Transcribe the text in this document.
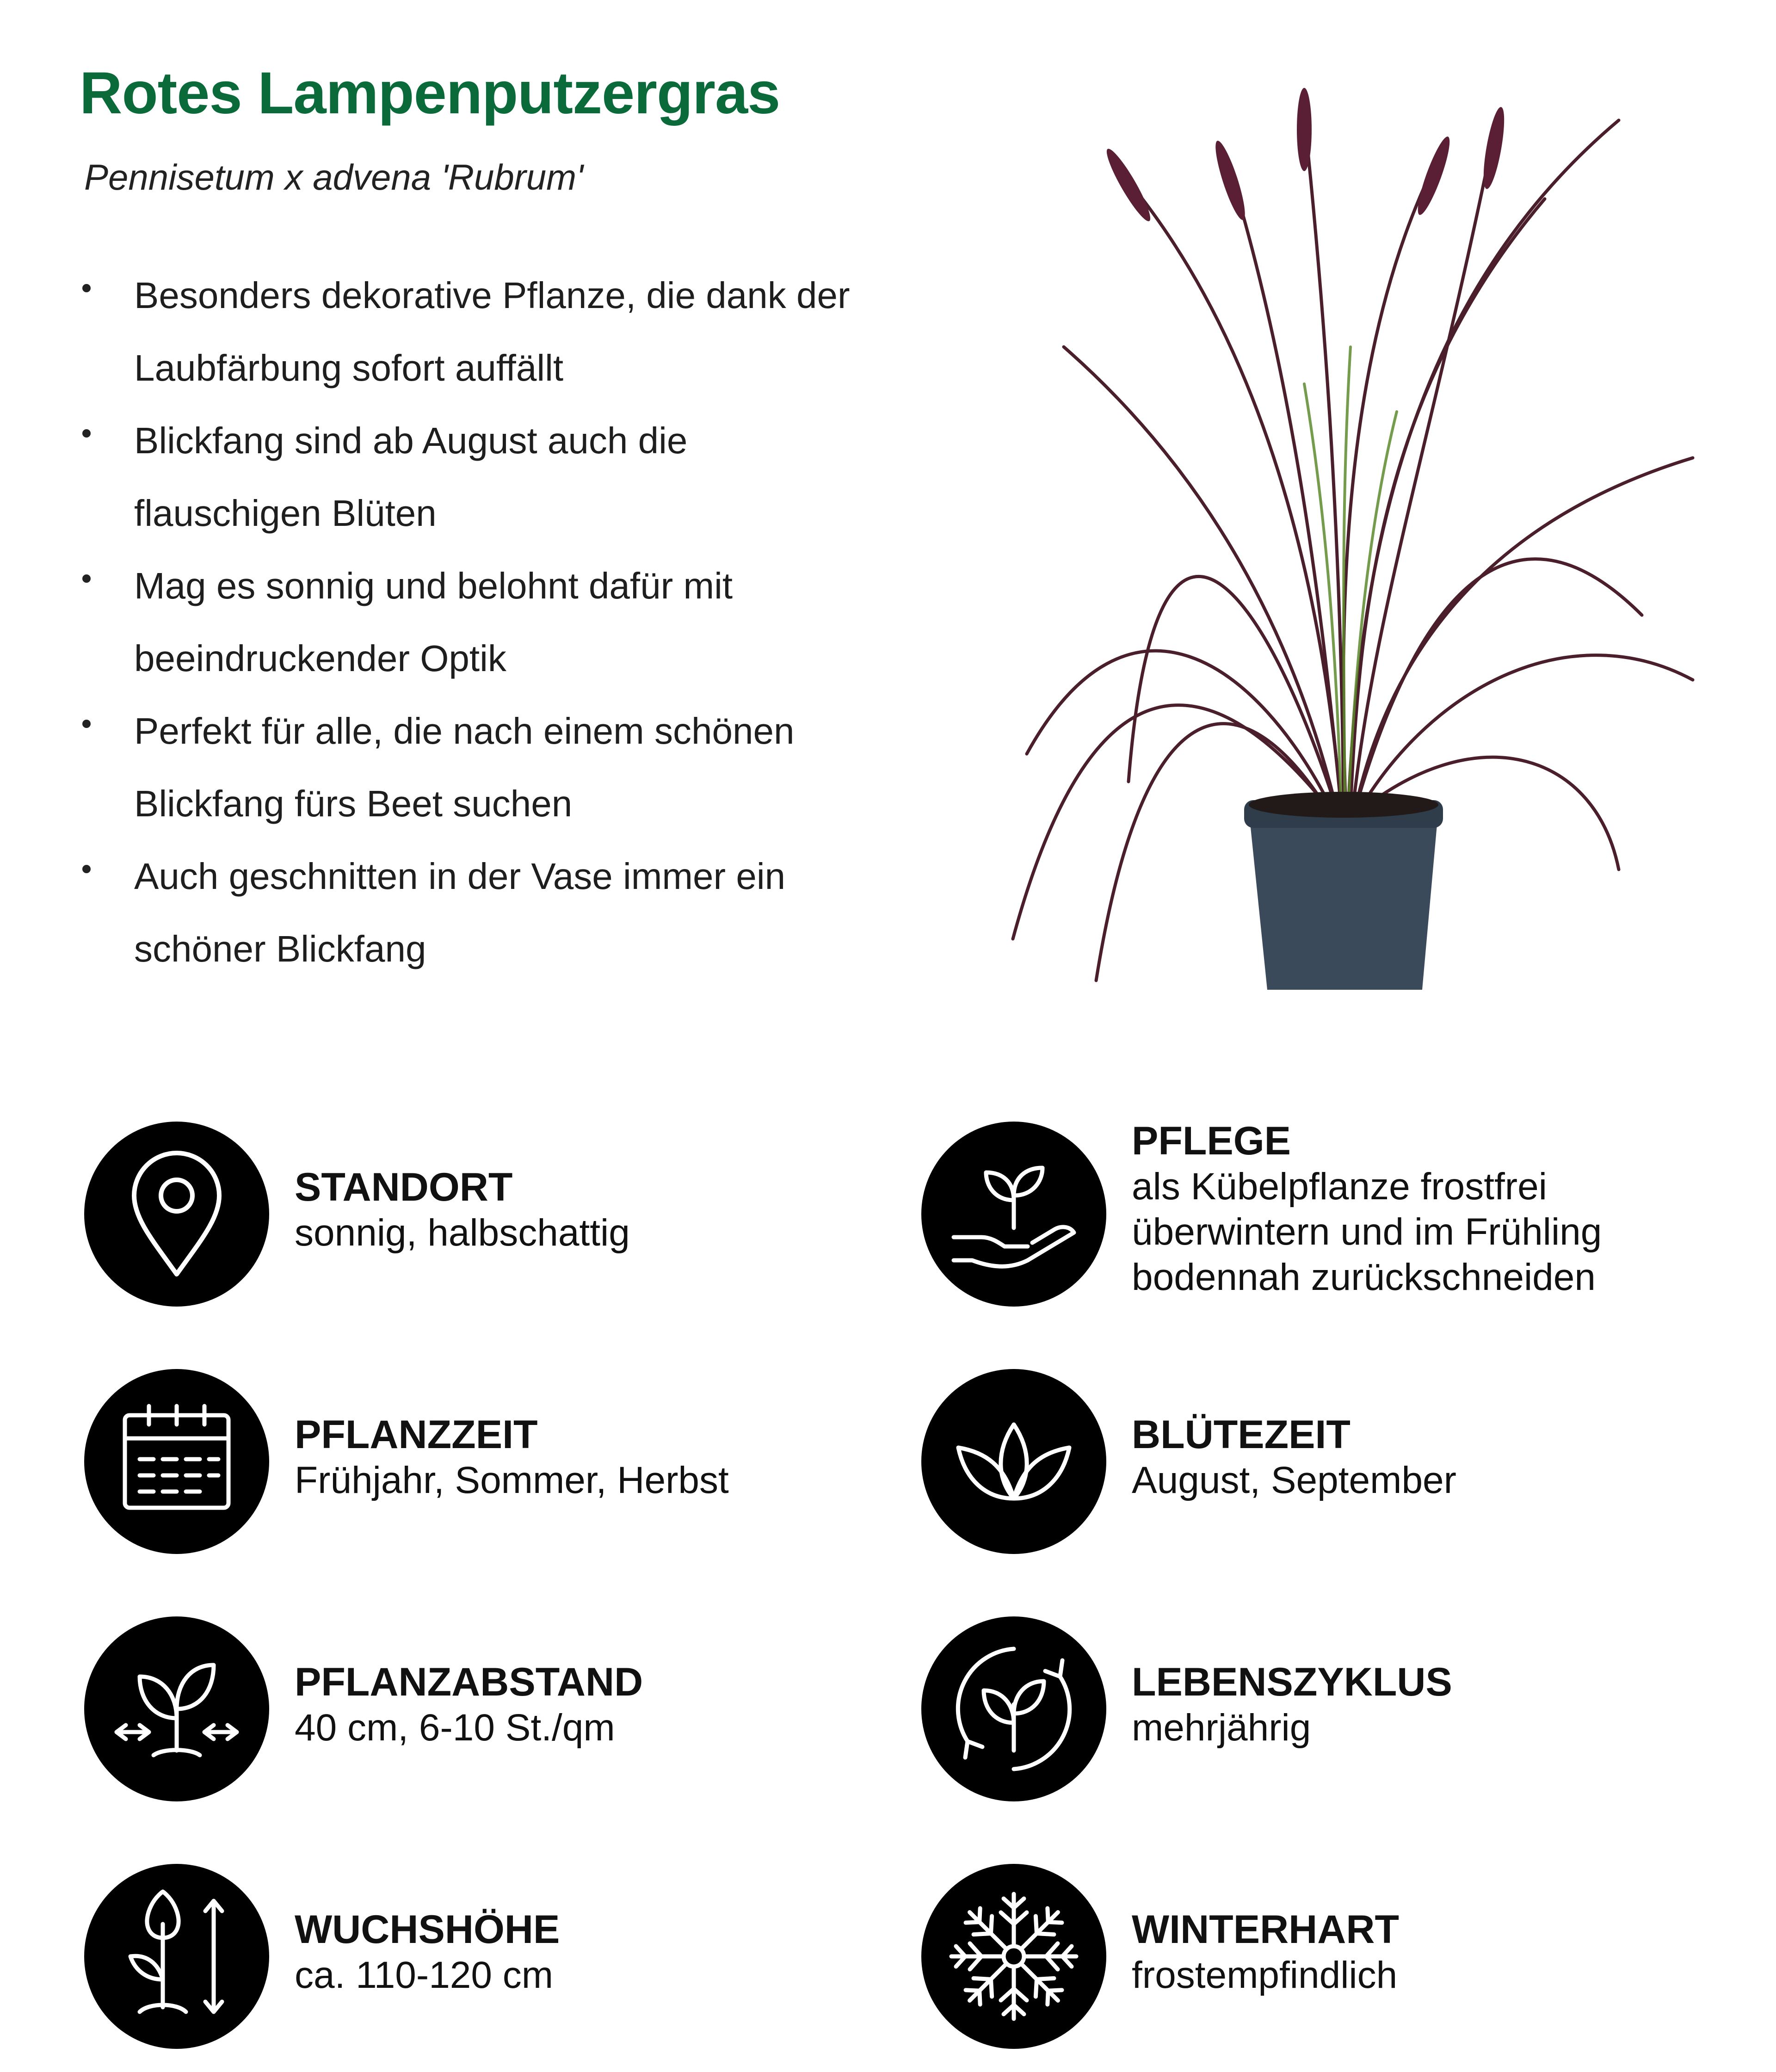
Rotes Lampenputzergras
Pennisetum x advena 'Rubrum'
Besonders dekorative Pflanze, die dank der
Laubfärbung sofort auffällt
Blickfang sind ab August auch die
flauschigen Blüten
Mag es sonnig und belohnt dafür mit
beeindruckender Optik
Perfekt für alle, die nach einem schönen
Blickfang fürs Beet suchen
Auch geschnitten in der Vase immer ein
schöner Blickfang
STANDORT
sonnig, halbschattig
PFLEGE
als Kübelpflanze frostfrei
überwintern und im Frühling
bodennah zurückschneiden
PFLANZZEIT
Frühjahr, Sommer, Herbst
BLÜTEZEIT
August, September
PFLANZABSTAND
40 cm, 6-10 St./qm
LEBENSZYKLUS
mehrjährig
WUCHSHÖHE
ca. 110-120 cm
WINTERHART
frostempfindlich
